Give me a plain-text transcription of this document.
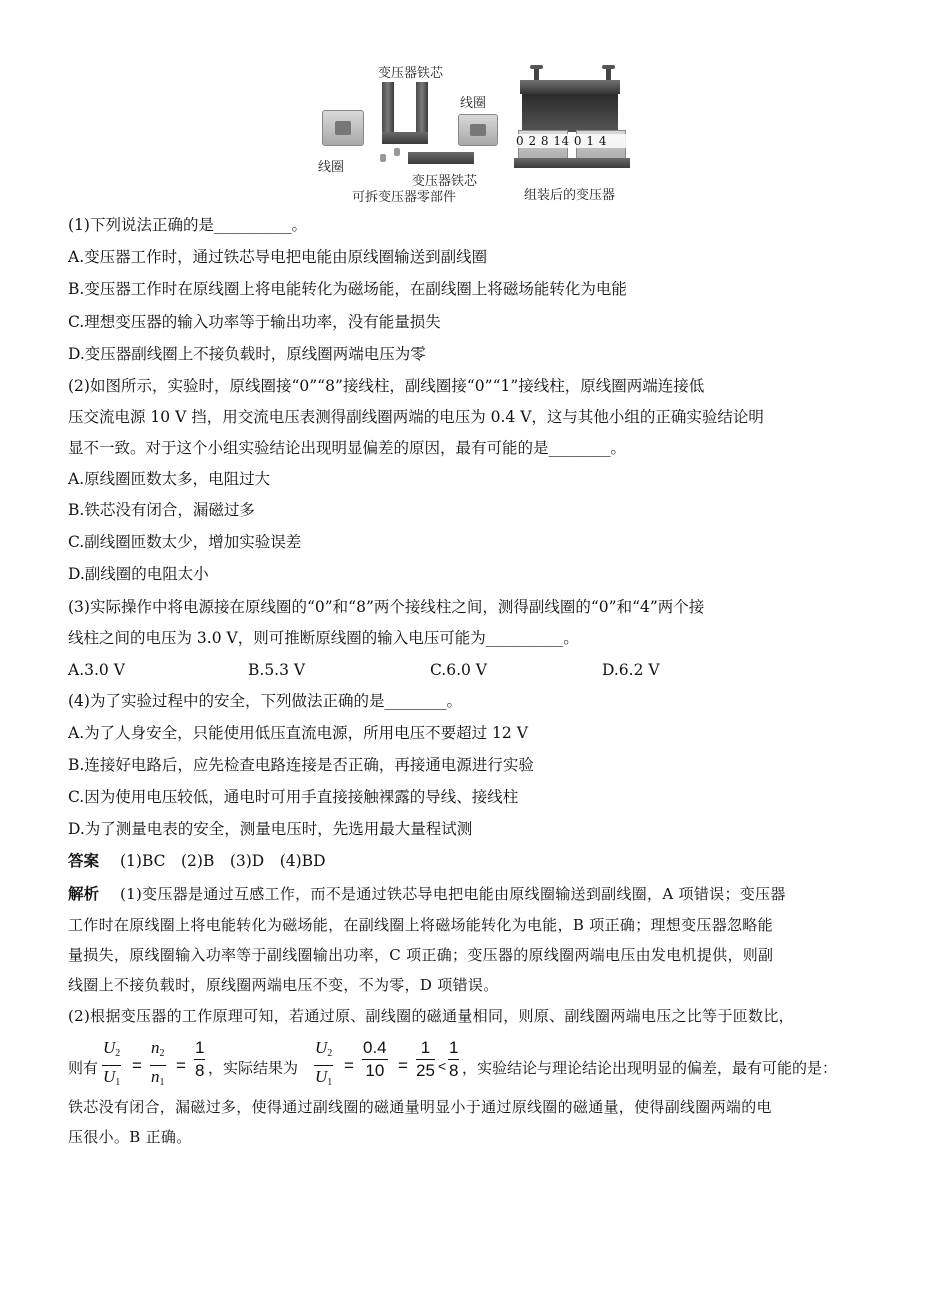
变压器铁芯
线圈
线圈
变压器铁芯
可拆变压器零部件
0 2 8 14 0 1 4
组装后的变压器
(1)下列说法正确的是__________。
A.变压器工作时，通过铁芯导电把电能由原线圈输送到副线圈
B.变压器工作时在原线圈上将电能转化为磁场能，在副线圈上将磁场能转化为电能
C.理想变压器的输入功率等于输出功率，没有能量损失
D.变压器副线圈上不接负载时，原线圈两端电压为零
(2)如图所示，实验时，原线圈接“0”“8”接线柱，副线圈接“0”“1”接线柱，原线圈两端连接低
压交流电源 10 V 挡，用交流电压表测得副线圈两端的电压为 0.4 V，这与其他小组的正确实验结论明
显不一致。对于这个小组实验结论出现明显偏差的原因，最有可能的是________。
A.原线圈匝数太多，电阻过大
B.铁芯没有闭合，漏磁过多
C.副线圈匝数太少，增加实验误差
D.副线圈的电阻太小
(3)实际操作中将电源接在原线圈的“0”和“8”两个接线柱之间，测得副线圈的“0”和“4”两个接
线柱之间的电压为 3.0 V，则可推断原线圈的输入电压可能为__________。
A.3.0 V	B.5.3 V	C.6.0 V	D.6.2 V
(4)为了实验过程中的安全，下列做法正确的是________。
A.为了人身安全，只能使用低压直流电源，所用电压不要超过 12 V
B.连接好电路后，应先检查电路连接是否正确，再接通电源进行实验
C.因为使用电压较低，通电时可用手直接接触裸露的导线、接线柱
D.为了测量电表的安全，测量电压时，先选用最大量程试测
答案 (1)BC　(2)B　(3)D　(4)BD
解析 (1)变压器是通过互感工作，而不是通过铁芯导电把电能由原线圈输送到副线圈，A 项错误；变压器
工作时在原线圈上将电能转化为磁场能，在副线圈上将磁场能转化为电能，B 项正确；理想变压器忽略能
量损失，原线圈输入功率等于副线圈输出功率，C 项正确；变压器的原线圈两端电压由发电机提供，则副
线圈上不接负载时，原线圈两端电压不变，不为零，D 项错误。
(2)根据变压器的工作原理可知，若通过原、副线圈的磁通量相同，则原、副线圈两端电压之比等于匝数比，
则有
$U_2$
$U_1$
=
$n_2$
$n_1$
=
1
8 ，实际结果为
$U_2$
$U_1$
=
0.4
10 =
1
25 <
1
8 ，实验结论与理论结论出现明显的偏差，最有可能的是：
铁芯没有闭合，漏磁过多，使得通过副线圈的磁通量明显小于通过原线圈的磁通量，使得副线圈两端的电
压很小。B 正确。
